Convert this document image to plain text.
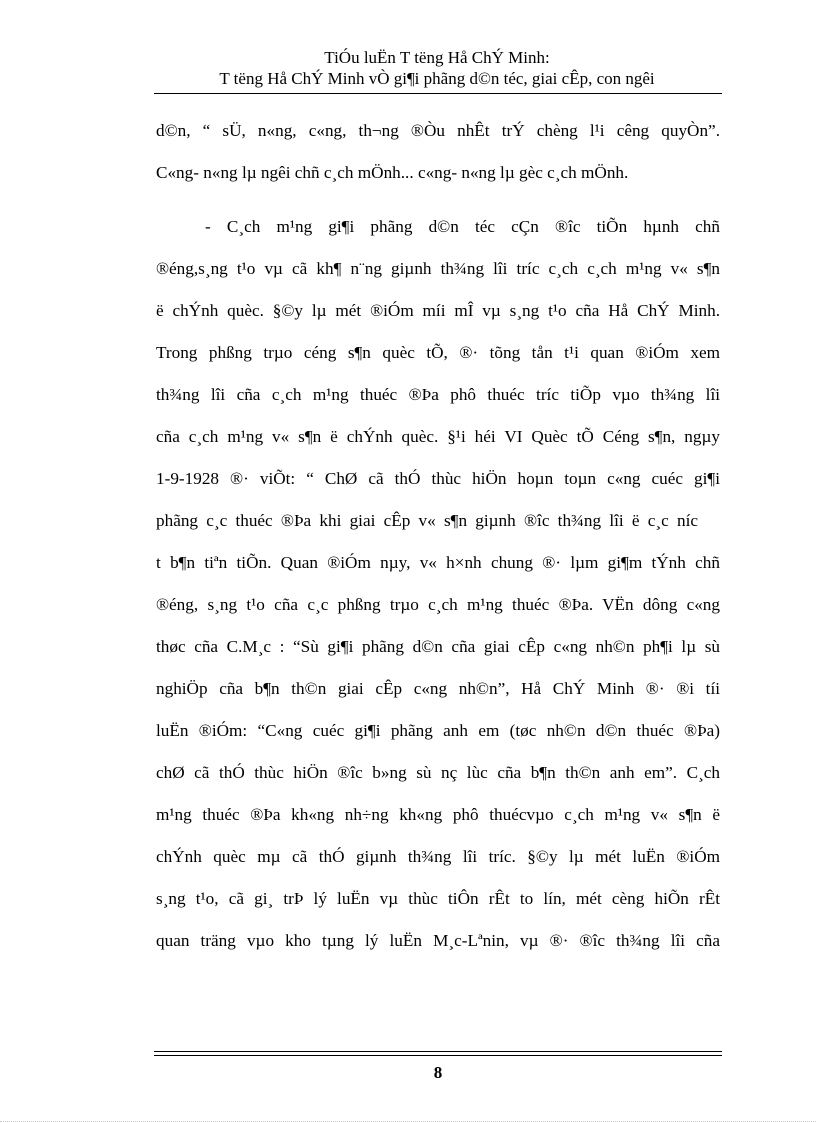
TiÓu luËn T tëng Hå ChÝ Minh:
T tëng Hå ChÝ Minh vÒ gi¶i phãng d©n téc, giai cÊp, con ngêi
d©n, “ sÜ, n«ng, c«ng, th¬ng ®Òu nhÊt trÝ chèng l¹i cêng quyÒn”.
C«ng- n«ng lµ ngêi chñ c¸ch mÖnh... c«ng- n«ng lµ gèc c¸ch mÖnh.
- C¸ch m¹ng gi¶i phãng d©n téc cÇn ®îc tiÕn hµnh chñ
®éng,s¸ng t¹o vµ cã kh¶ n¨ng giµnh th¾ng lîi tríc c¸ch c¸ch m¹ng v« s¶n
ë chÝnh quèc. §©y lµ mét ®iÓm míi mÎ vµ s¸ng t¹o cña Hå ChÝ Minh.
Trong phßng trµo céng s¶n quèc tÕ, ®· tõng tån t¹i quan ®iÓm xem
th¾ng lîi cña c¸ch m¹ng thuéc ®Þa phô thuéc tríc tiÕp vµo th¾ng lîi
cña c¸ch m¹ng v« s¶n ë chÝnh quèc. §¹i héi VI Quèc tÕ Céng s¶n, ngµy
1-9-1928 ®· viÕt: “ ChØ cã thÓ thùc hiÖn hoµn toµn c«ng cuéc gi¶i
phãng c¸c thuéc ®Þa khi giai cÊp v« s¶n giµnh ®îc th¾ng lîi ë c¸c níc
t b¶n tiªn tiÕn. Quan ®iÓm nµy, v« h×nh chung ®· lµm gi¶m tÝnh chñ
®éng, s¸ng t¹o cña c¸c phßng trµo c¸ch m¹ng thuéc ®Þa. VËn dông c«ng
thøc cña C.M¸c : “Sù gi¶i phãng d©n cña giai cÊp c«ng nh©n ph¶i lµ sù
nghiÖp cña b¶n th©n giai cÊp c«ng nh©n”, Hå ChÝ Minh ®· ®i tíi
luËn ®iÓm: “C«ng cuéc gi¶i phãng anh em (tøc nh©n d©n thuéc ®Þa)
chØ cã thÓ thùc hiÖn ®îc b»ng sù nç lùc cña b¶n th©n anh em”. C¸ch
m¹ng thuéc ®Þa kh«ng nh÷ng kh«ng phô thuécvµo c¸ch m¹ng v« s¶n ë
chÝnh quèc mµ cã thÓ giµnh th¾ng lîi tríc. §©y lµ mét luËn ®iÓm
s¸ng t¹o, cã gi¸ trÞ lý luËn vµ thùc tiÔn rÊt to lín, mét cèng hiÕn rÊt
quan träng vµo kho tµng lý luËn M¸c-Lªnin, vµ ®· ®îc th¾ng lîi cña
8
